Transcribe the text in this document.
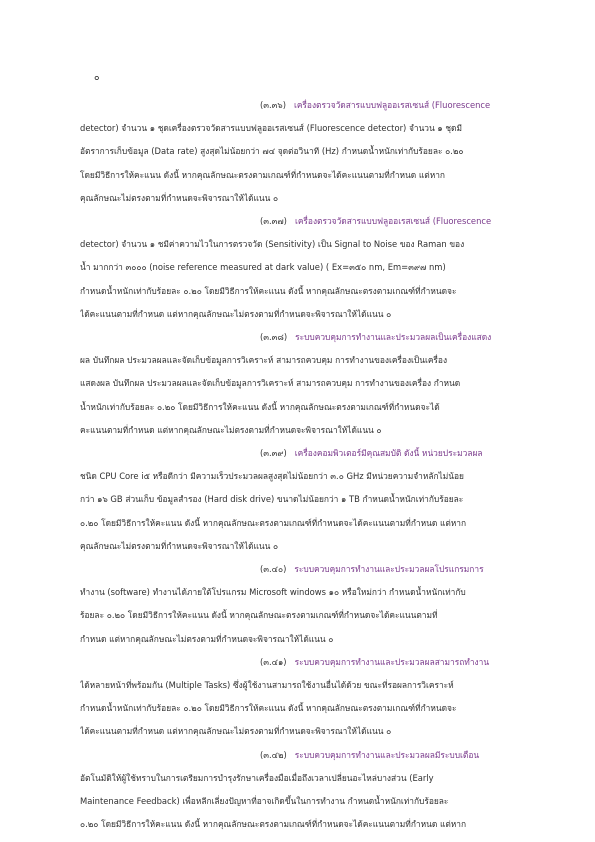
๐
(๓.๓๖) เครื่องตรวจวัดสารแบบฟลูออเรสเซนส์ (Fluorescence
detector) จำนวน ๑ ชุดเครื่องตรวจวัดสารแบบฟลูออเรสเซนส์ (Fluorescence detector) จำนวน ๑ ชุดมี
อัตราการเก็บข้อมูล (Data rate) สูงสุดไม่น้อยกว่า ๗๔ จุดต่อวินาที (Hz) กำหนดน้ำหนักเท่ากับร้อยละ ๐.๒๐
โดยมีวิธีการให้คะแนน ดังนี้ หากคุณลักษณะตรงตามเกณฑ์ที่กำหนดจะได้คะแนนตามที่กำหนด แต่หาก
คุณลักษณะไม่ตรงตามที่กำหนดจะพิจารณาให้ได้แนน ๐
(๓.๓๗) เครื่องตรวจวัดสารแบบฟลูออเรสเซนส์ (Fluorescence
detector) จำนวน ๑ ชมีค่าความไวในการตรวจวัด (Sensitivity) เป็น Signal to Noise ของ Raman ของ
น้ำ มากกว่า ๓๐๐๐ (noise reference measured at dark value) ( Ex=๓๕๐ nm, Em=๓๙๗ nm)
กำหนดน้ำหนักเท่ากับร้อยละ ๐.๒๐ โดยมีวิธีการให้คะแนน ดังนี้ หากคุณลักษณะตรงตามเกณฑ์ที่กำหนดจะ
ได้คะแนนตามที่กำหนด แต่หากคุณลักษณะไม่ตรงตามที่กำหนดจะพิจารณาให้ได้แนน ๐
(๓.๓๘) ระบบควบคุมการทำงานและประมวลผลเป็นเครื่องแสดง
ผล บันทึกผล ประมวลผลและจัดเก็บข้อมูลการวิเคราะห์ สามารถควบคุม การทำงานของเครื่องเป็นเครื่อง
แสดงผล บันทึกผล ประมวลผลและจัดเก็บข้อมูลการวิเคราะห์ สามารถควบคุม การทำงานของเครื่อง กำหนด
น้ำหนักเท่ากับร้อยละ ๐.๒๐ โดยมีวิธีการให้คะแนน ดังนี้ หากคุณลักษณะตรงตามเกณฑ์ที่กำหนดจะได้
คะแนนตามที่กำหนด แต่หากคุณลักษณะไม่ตรงตามที่กำหนดจะพิจารณาให้ได้แนน ๐
(๓.๓๙) เครื่องคอมพิวเตอร์มีคุณสมบัติ ดังนี้ หน่วยประมวลผล
ชนิด CPU Core i๕ หรือดีกว่า มีความเร็วประมวลผลสูงสุดไม่น้อยกว่า ๓.๐ GHz มีหน่วยความจำหลักไม่น้อย
กว่า ๑๖ GB ส่วนเก็บ ข้อมูลสำรอง (Hard disk drive) ขนาดไม่น้อยกว่า ๑ TB กำหนดน้ำหนักเท่ากับร้อยละ
๐.๒๐ โดยมีวิธีการให้คะแนน ดังนี้ หากคุณลักษณะตรงตามเกณฑ์ที่กำหนดจะได้คะแนนตามที่กำหนด แต่หาก
คุณลักษณะไม่ตรงตามที่กำหนดจะพิจารณาให้ได้แนน ๐
(๓.๔๐) ระบบควบคุมการทำงานและประมวลผลโปรแกรมการ
ทำงาน (software) ทำงานได้ภายใต้โปรแกรม Microsoft windows ๑๐ หรือใหม่กว่า กำหนดน้ำหนักเท่ากับ
ร้อยละ ๐.๒๐ โดยมีวิธีการให้คะแนน ดังนี้ หากคุณลักษณะตรงตามเกณฑ์ที่กำหนดจะได้คะแนนตามที่
กำหนด แต่หากคุณลักษณะไม่ตรงตามที่กำหนดจะพิจารณาให้ได้แนน ๐
(๓.๔๑) ระบบควบคุมการทำงานและประมวลผลสามารถทำงาน
ได้หลายหน้าที่พร้อมกัน (Multiple Tasks) ซึ่งผู้ใช้งานสามารถใช้งานอื่นได้ด้วย ขณะที่รอผลการวิเคราะห์
กำหนดน้ำหนักเท่ากับร้อยละ ๐.๒๐ โดยมีวิธีการให้คะแนน ดังนี้ หากคุณลักษณะตรงตามเกณฑ์ที่กำหนดจะ
ได้คะแนนตามที่กำหนด แต่หากคุณลักษณะไม่ตรงตามที่กำหนดจะพิจารณาให้ได้แนน ๐
(๓.๔๒) ระบบควบคุมการทำงานและประมวลผลมีระบบเตือน
อัตโนมัติให้ผู้ใช้ทราบในการเตรียมการบำรุงรักษาเครื่องมือเมื่อถึงเวลาเปลี่ยนอะไหล่บางส่วน (Early
Maintenance Feedback) เพื่อหลีกเลี่ยงปัญหาที่อาจเกิดขึ้นในการทำงาน กำหนดน้ำหนักเท่ากับร้อยละ
๐.๒๐ โดยมีวิธีการให้คะแนน ดังนี้ หากคุณลักษณะตรงตามเกณฑ์ที่กำหนดจะได้คะแนนตามที่กำหนด แต่หาก
